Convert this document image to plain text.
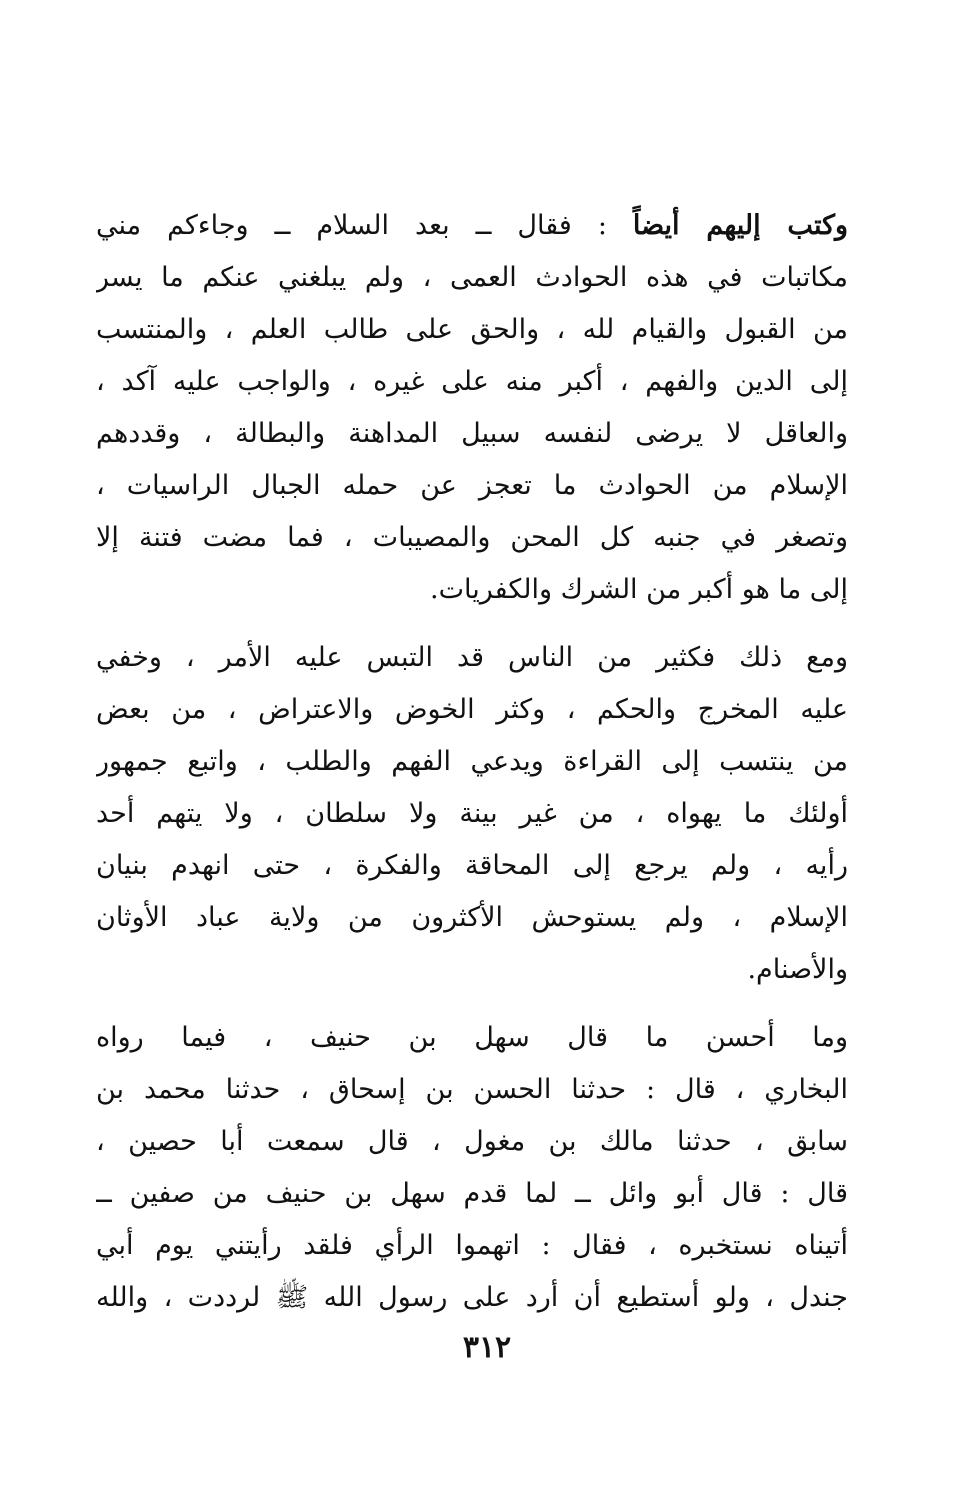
وكتب إليهم أيضاً : فقال ــ بعد السلام ــ وجاءكم مني
مكاتبات في هذه الحوادث العمى ، ولم يبلغني عنكم ما يسر
من القبول والقيام لله ، والحق على طالب العلم ، والمنتسب
إلى الدين والفهم ، أكبر منه على غيره ، والواجب عليه آكد ،
والعاقل لا يرضى لنفسه سبيل المداهنة والبطالة ، وقددهم
الإسلام من الحوادث ما تعجز عن حمله الجبال الراسيات ،
وتصغر في جنبه كل المحن والمصيبات ، فما مضت فتنة إلا
إلى ما هو أكبر من الشرك والكفريات.
ومع ذلك فكثير من الناس قد التبس عليه الأمر ، وخفي
عليه المخرج والحكم ، وكثر الخوض والاعتراض ، من بعض
من ينتسب إلى القراءة ويدعي الفهم والطلب ، واتبع جمهور
أولئك ما يهواه ، من غير بينة ولا سلطان ، ولا يتهم أحد
رأيه ، ولم يرجع إلى المحاقة والفكرة ، حتى انهدم بنيان
الإسلام ، ولم يستوحش الأكثرون من ولاية عباد الأوثان
والأصنام.
وما أحسن ما قال سهل بن حنيف ، فيما رواه
البخاري ، قال : حدثنا الحسن بن إسحاق ، حدثنا محمد بن
سابق ، حدثنا مالك بن مغول ، قال سمعت أبا حصين ،
قال : قال أبو وائل ــ لما قدم سهل بن حنيف من صفين ــ
أتيناه نستخبره ، فقال : اتهموا الرأي فلقد رأيتني يوم أبي
جندل ، ولو أستطيع أن أرد على رسول الله ﷺ لرددت ، والله
٣١٢
